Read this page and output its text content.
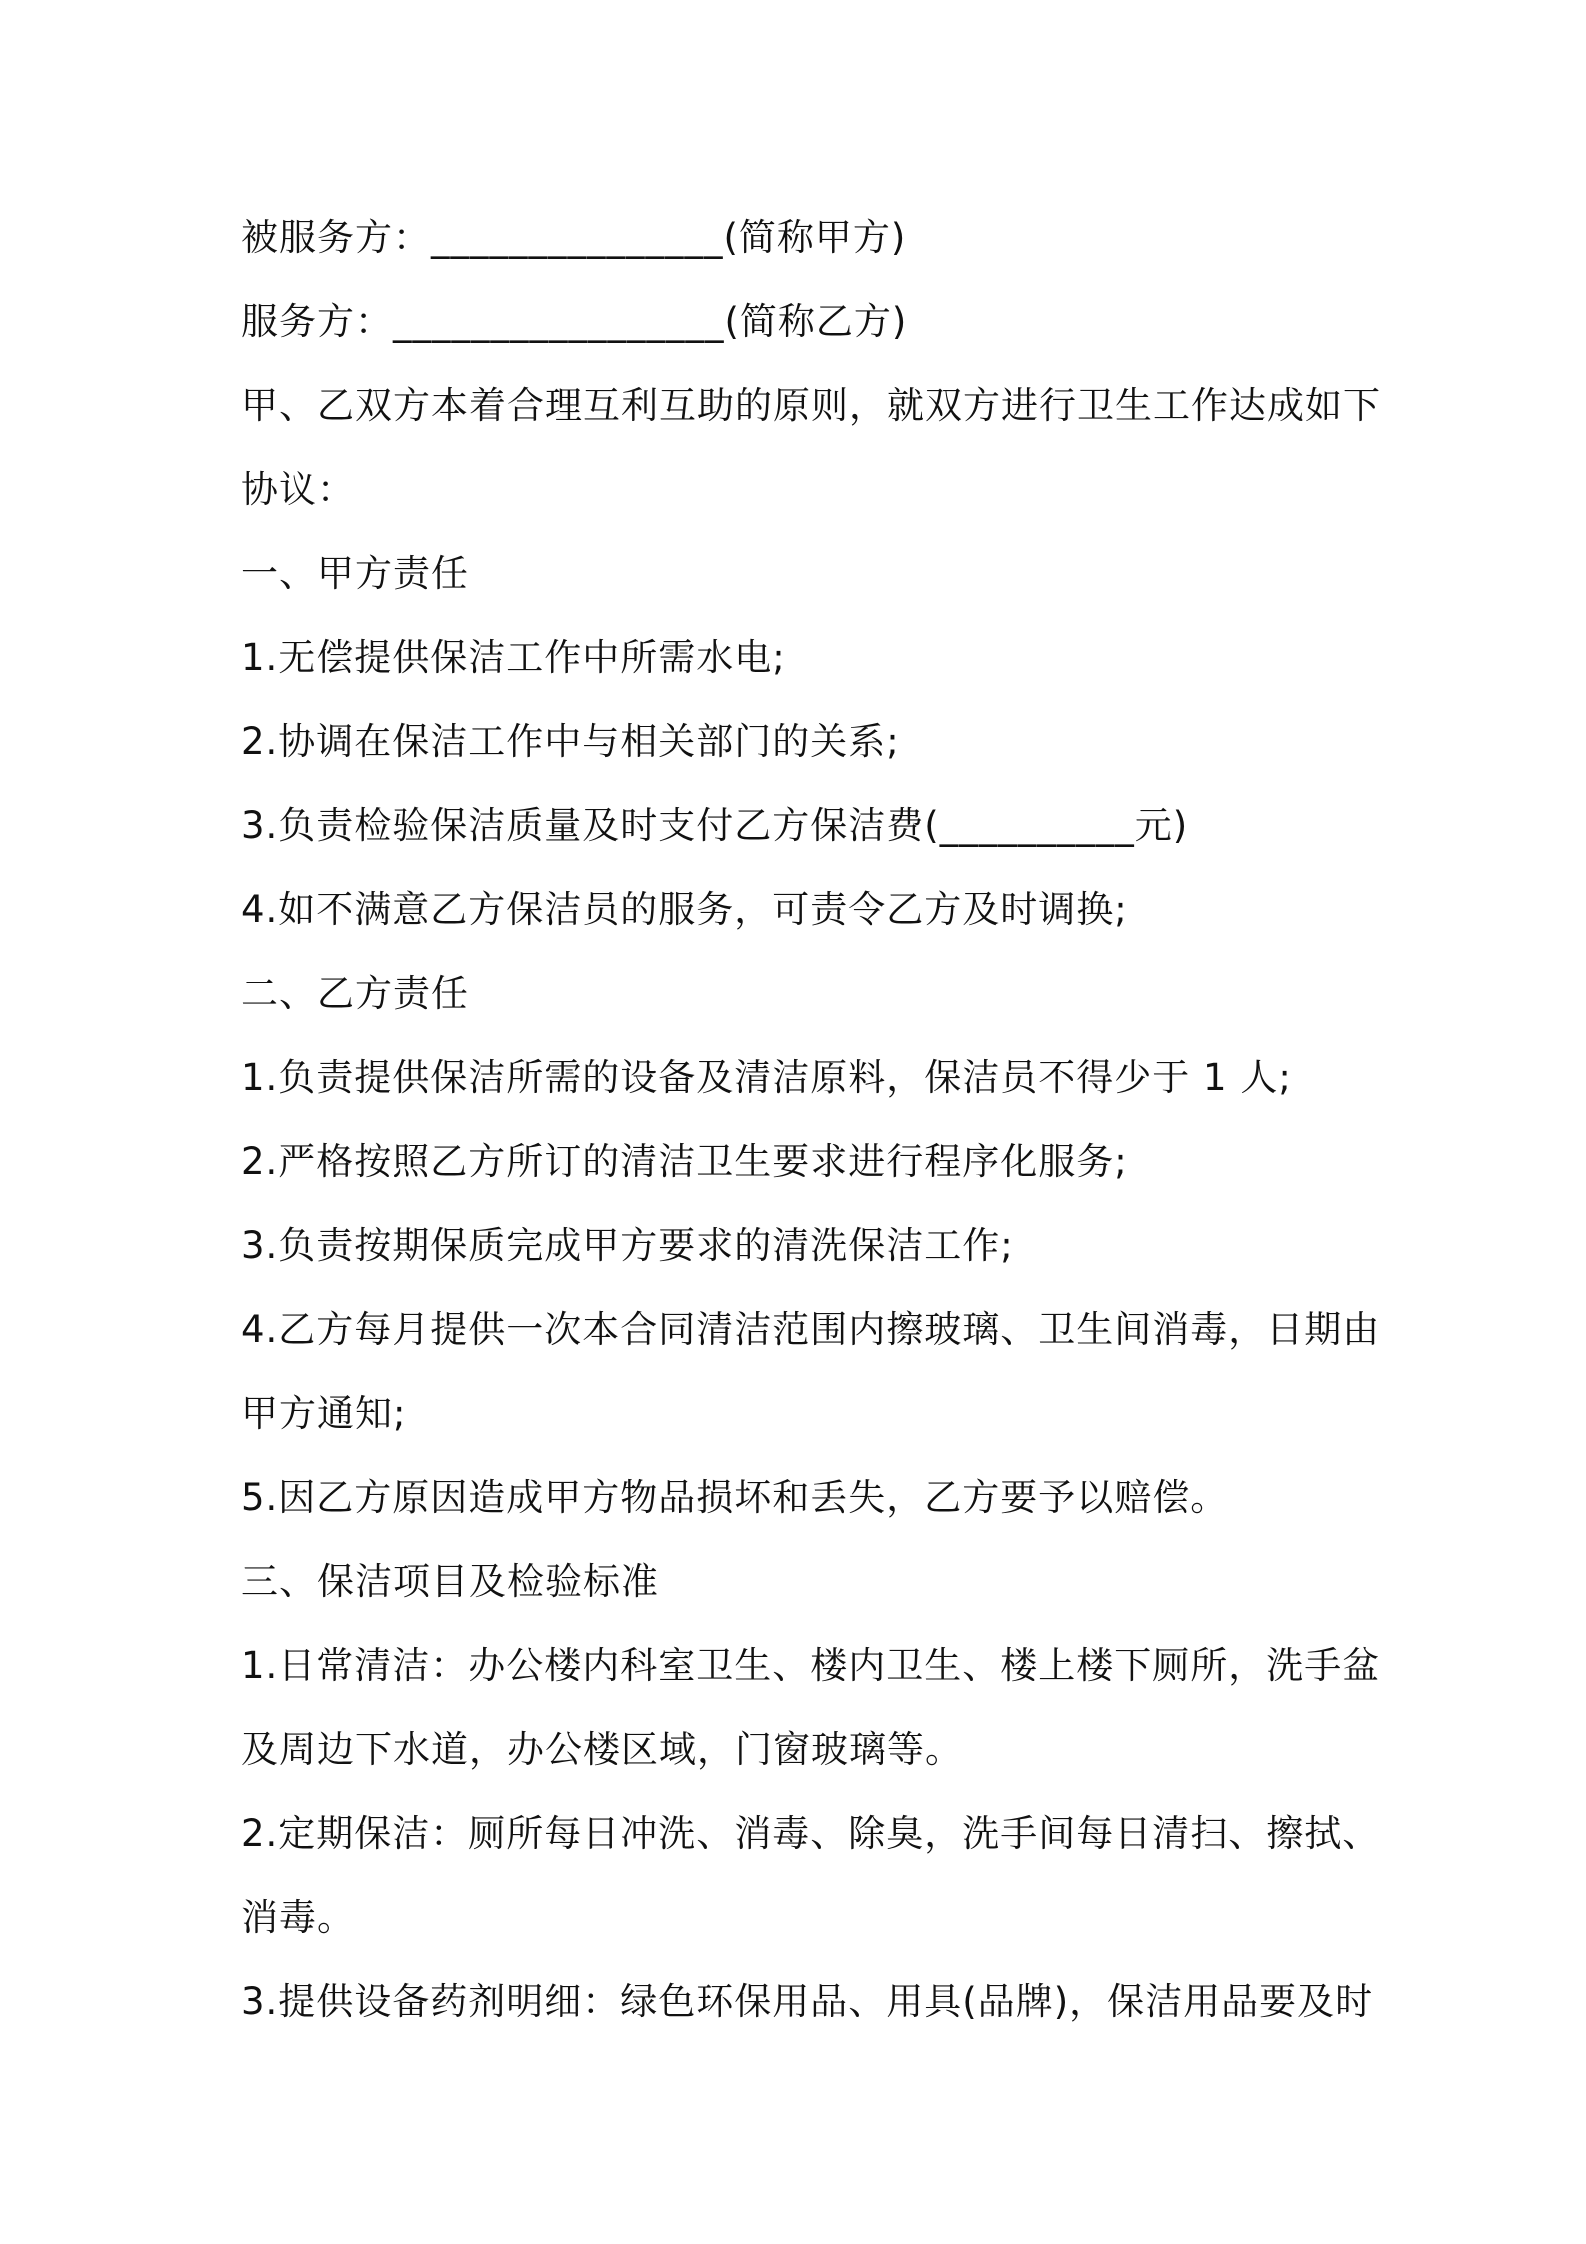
被服务方：_______________(简称甲方)
服务方：_________________(简称乙方)
甲、乙双方本着合理互利互助的原则，就双方进行卫生工作达成如下
协议：
一、甲方责任
1.无偿提供保洁工作中所需水电;
2.协调在保洁工作中与相关部门的关系;
3.负责检验保洁质量及时支付乙方保洁费(__________元)
4.如不满意乙方保洁员的服务，可责令乙方及时调换;
二、乙方责任
1.负责提供保洁所需的设备及清洁原料，保洁员不得少于 1 人;
2.严格按照乙方所订的清洁卫生要求进行程序化服务;
3.负责按期保质完成甲方要求的清洗保洁工作;
4.乙方每月提供一次本合同清洁范围内擦玻璃、卫生间消毒，日期由
甲方通知;
5.因乙方原因造成甲方物品损坏和丢失，乙方要予以赔偿。
三、保洁项目及检验标准
1.日常清洁：办公楼内科室卫生、楼内卫生、楼上楼下厕所，洗手盆
及周边下水道，办公楼区域，门窗玻璃等。
2.定期保洁：厕所每日冲洗、消毒、除臭，洗手间每日清扫、擦拭、
消毒。
3.提供设备药剂明细：绿色环保用品、用具(品牌)，保洁用品要及时
